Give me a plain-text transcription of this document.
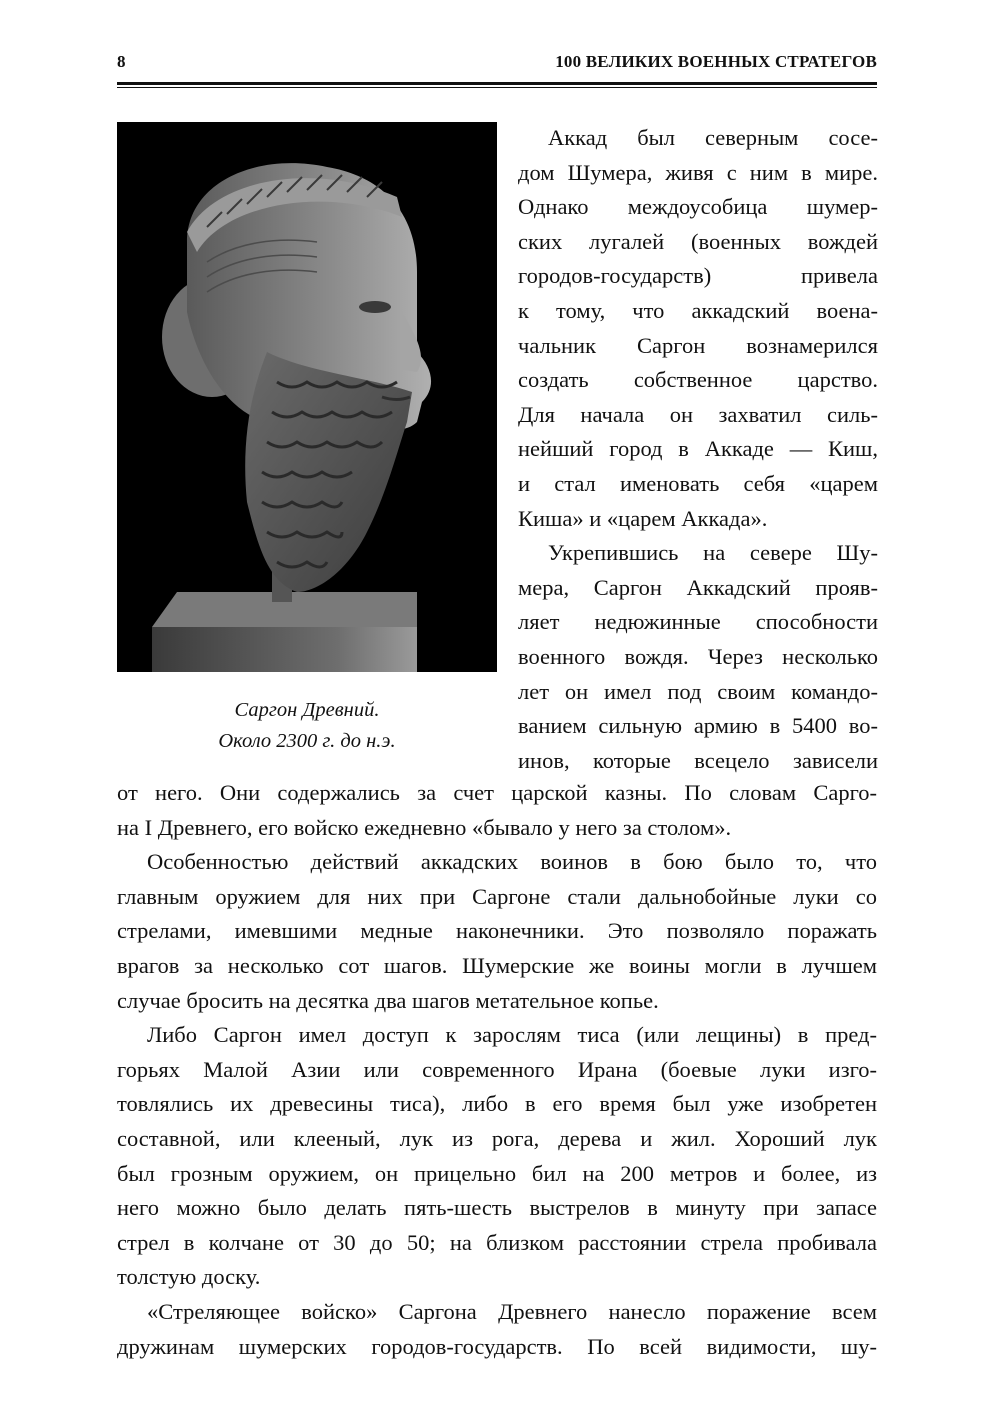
8	100 ВЕЛИКИХ ВОЕННЫХ СТРАТЕГОВ
Саргон Древний.
Около 2300 г. до н.э.
Аккад был северным сосе-
дом Шумера, живя с ним в мире.
Однако междоусобица шумер-
ских лугалей (военных вождей
городов-государств) привела
к тому, что аккадский воена-
чальник Саргон вознамерился
создать собственное царство.
Для начала он захватил силь-
нейший город в Аккаде — Киш,
и стал именовать себя «царем
Киша» и «царем Аккада».
Укрепившись на севере Шу-
мера, Саргон Аккадский прояв-
ляет недюжинные способности
военного вождя. Через несколько
лет он имел под своим командо-
ванием сильную армию в 5400 во-
инов, которые всецело зависели
от него. Они содержались за счет царской казны. По словам Сарго-
на I Древнего, его войско ежедневно «бывало у него за столом».
Особенностью действий аккадских воинов в бою было то, что
главным оружием для них при Саргоне стали дальнобойные луки со
стрелами, имевшими медные наконечники. Это позволяло поражать
врагов за несколько сот шагов. Шумерские же воины могли в лучшем
случае бросить на десятка два шагов метательное копье.
Либо Саргон имел доступ к зарослям тиса (или лещины) в пред-
горьях Малой Азии или современного Ирана (боевые луки изго-
товлялись их древесины тиса), либо в его время был уже изобретен
составной, или клееный, лук из рога, дерева и жил. Хороший лук
был грозным оружием, он прицельно бил на 200 метров и более, из
него можно было делать пять-шесть выстрелов в минуту при запасе
стрел в колчане от 30 до 50; на близком расстоянии стрела пробивала
толстую доску.
«Стреляющее войско» Саргона Древнего нанесло поражение всем
дружинам шумерских городов-государств. По всей видимости, шу-
